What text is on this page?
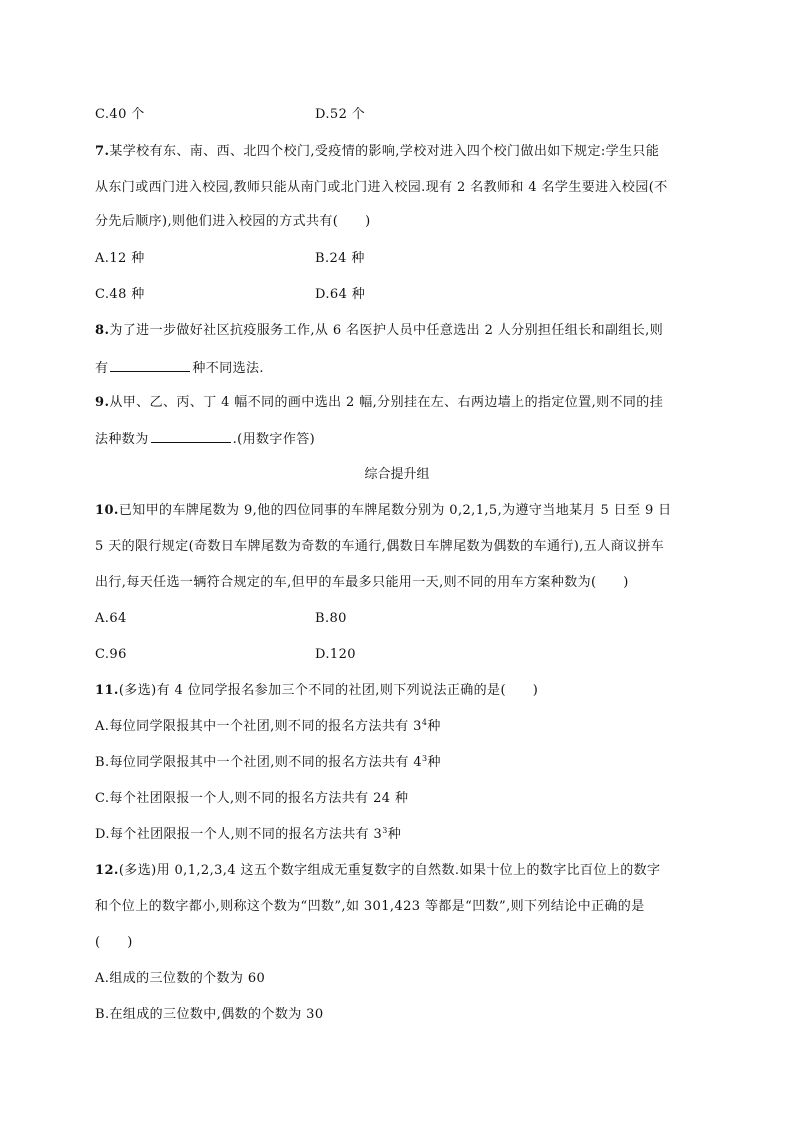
C.40 个	D.52 个
7.某学校有东、南、西、北四个校门,受疫情的影响,学校对进入四个校门做出如下规定:学生只能
从东门或西门进入校园,教师只能从南门或北门进入校园.现有 2 名教师和 4 名学生要进入校园(不
分先后顺序),则他们进入校园的方式共有(　　)
A.12 种	B.24 种
C.48 种	D.64 种
8.为了进一步做好社区抗疫服务工作,从 6 名医护人员中任意选出 2 人分别担任组长和副组长,则
有	种不同选法.
9.从甲、乙、丙、丁 4 幅不同的画中选出 2 幅,分别挂在左、右两边墙上的指定位置,则不同的挂
法种数为	.(用数字作答)
综合提升组
10.已知甲的车牌尾数为 9,他的四位同事的车牌尾数分别为 0,2,1,5,为遵守当地某月 5 日至 9 日
5 天的限行规定(奇数日车牌尾数为奇数的车通行,偶数日车牌尾数为偶数的车通行),五人商议拼车
出行,每天任选一辆符合规定的车,但甲的车最多只能用一天,则不同的用车方案种数为(　　)
A.64	B.80
C.96	D.120
11.(多选)有 4 位同学报名参加三个不同的社团,则下列说法正确的是(　　)
A.每位同学限报其中一个社团,则不同的报名方法共有 $3^4$种
B.每位同学限报其中一个社团,则不同的报名方法共有 $4^3$种
C.每个社团限报一个人,则不同的报名方法共有 24 种
D.每个社团限报一个人,则不同的报名方法共有 $3^3$种
12.(多选)用 0,1,2,3,4 这五个数字组成无重复数字的自然数.如果十位上的数字比百位上的数字
和个位上的数字都小,则称这个数为“凹数”,如 301,423 等都是“凹数”,则下列结论中正确的是
(　　)
A.组成的三位数的个数为 60
B.在组成的三位数中,偶数的个数为 30
